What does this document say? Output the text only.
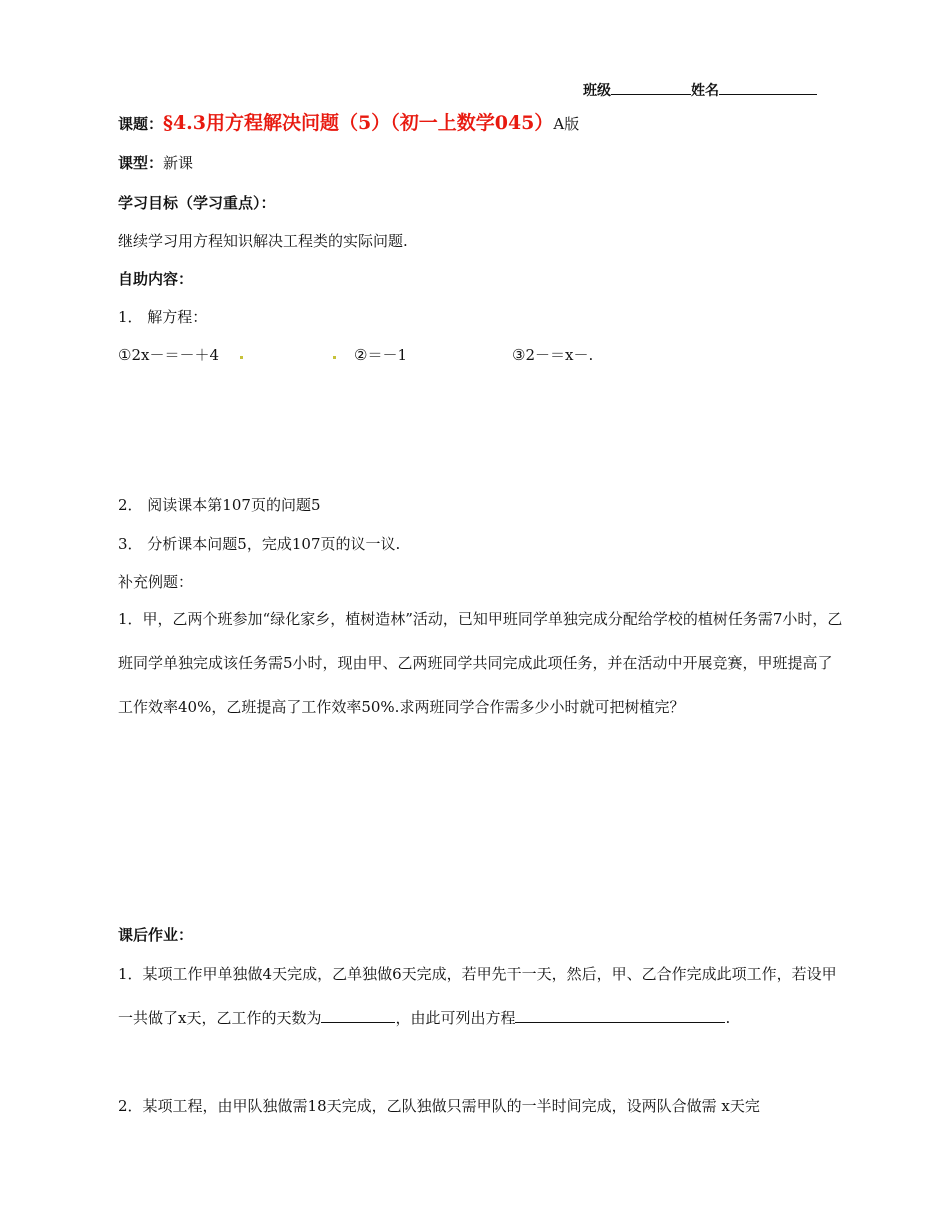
班级	姓名
课题：§4.3用方程解决问题（5）（初一上数学045）A版
课型：新课
学习目标（学习重点）：
继续学习用方程知识解决工程类的实际问题.
自助内容：
1． 解方程：
①2x－＝－＋4	②＝－1	③2－＝x－.
2． 阅读课本第107页的问题5
3． 分析课本问题5，完成107页的议一议.
补充例题：
1．甲，乙两个班参加“绿化家乡，植树造林”活动，已知甲班同学单独完成分配给学校的植树任务需7小时，乙班同学单独完成该任务需5小时，现由甲、乙两班同学共同完成此项任务，并在活动中开展竞赛，甲班提高了工作效率40%，乙班提高了工作效率50%.求两班同学合作需多少小时就可把树植完？
课后作业：
1．某项工作甲单独做4天完成，乙单独做6天完成，若甲先干一天，然后，甲、乙合作完成此项工作，若设甲一共做了x天，乙工作的天数为	，由此可列出方程	.
2．某项工程，由甲队独做需18天完成，乙队独做只需甲队的一半时间完成，设两队合做需 x天完
